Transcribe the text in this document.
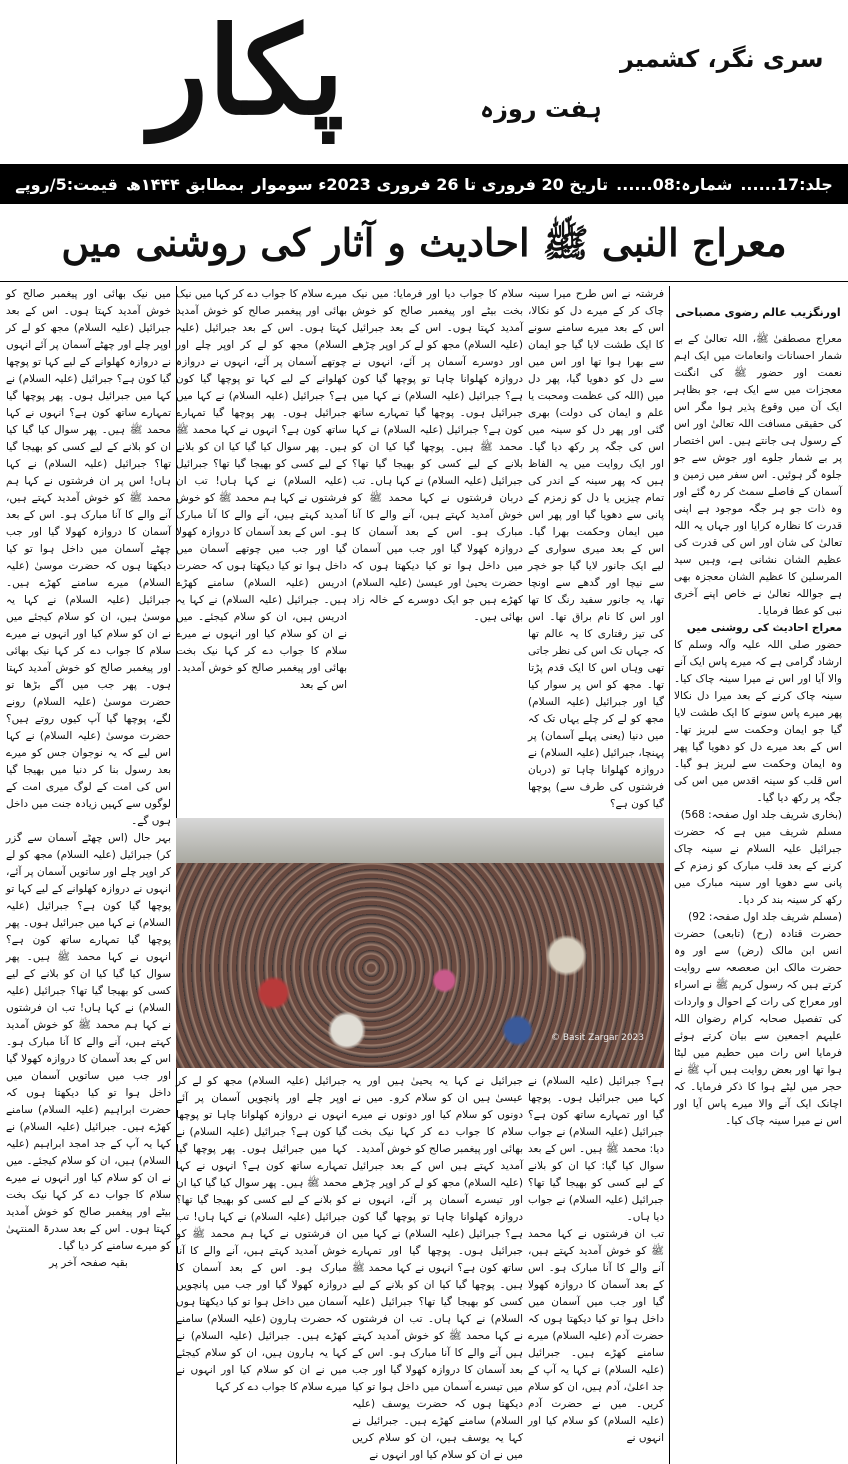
پکار	ہفت روزہ
سری نگر، کشمیر
جلد:17......
شمارہ:08......
تاریخ 20 فروری تا 26 فروری 2023ء سوموار
بمطابق ۱۴۴۴ھ
قیمت:5/روپے
معراج النبی ﷺ احادیث و آثار کی روشنی میں
اورنگزیب عالم رضوی مصباحی

معراج مصطفیٰ ﷺ، اللہ تعالیٰ کے بے شمار احسانات وانعامات میں ایک اہم نعمت اور حضور ﷺ کی انگنت معجزات میں سے ایک ہے، جو بظاہر ایک آن میں وقوع پذیر ہوا مگر اس کی حقیقی مسافت اللہ تعالیٰ اور اس کے رسول ہی جانتے ہیں۔ اس اختصار پر بے شمار جلوے اور جوش سے جو جلوہ گر ہوئیں۔ اس سفر میں زمین و آسمان کے فاصلے سمٹ کر رہ گئے اور وہ ذات جو ہر جگہ موجود ہے اپنی قدرت کا نظارہ کرایا اور جہاں یہ اللہ تعالیٰ کی شان اور اس کی قدرت کی عظیم الشان نشانی ہے، وہیں سید المرسلین کا عظیم الشان معجزہ بھی ہے جواللہ تعالیٰ نے خاص اپنے آخری نبی کو عطا فرمایا۔

معراج احادیث کی روشنی میں

حضور صلی اللہ علیہ وآلہ وسلم کا ارشاد گرامی ہے کہ میرے پاس ایک آنے والا آیا اور اس نے میرا سینہ چاک کیا۔ سینہ چاک کرنے کے بعد میرا دل نکالا پھر میرے پاس سونے کا ایک طشت لایا گیا جو ایمان وحکمت سے لبریز تھا۔ اس کے بعد میرے دل کو دھویا گیا پھر وہ ایمان وحکمت سے لبریز ہو گیا۔ اس قلب کو سینہ اقدس میں اس کی جگہ پر رکھ دیا گیا۔

(بخاری شریف جلد اول صفحہ: 568)

مسلم شریف میں ہے کہ حضرت جبرائیل علیہ السلام نے سینہ چاک کرنے کے بعد قلب مبارک کو زمزم کے پانی سے دھویا اور سینہ مبارک میں رکھ کر سینہ بند کر دیا۔

(مسلم شریف جلد اول صفحہ: 92)

حضرت قتادہ (رح) (تابعی) حضرت انس ابن مالک (رض) سے اور وہ حضرت مالک ابن صعصعہ سے روایت کرتے ہیں کہ رسول کریم ﷺ نے اسراء اور معراج کی رات کے احوال و واردات کی تفصیل صحابہ کرام رضوان اللہ علیہم اجمعین سے بیان کرتے ہوئے فرمایا اس رات میں حطیم میں لیٹا ہوا تھا اور بعض روایت ہیں آپ ﷺ نے حجر میں لیٹے ہوا کا ذکر فرمایا۔ کہ اچانک ایک آنے والا میرے پاس آیا اور اس نے میرا سینہ چاک کیا۔

فرشتہ نے اس طرح میرا سینہ چاک کر کے میرے دل کو نکالا، اس کے بعد میرے سامنے سونے کا ایک طشت لایا گیا جو ایمان سے بھرا ہوا تھا اور اس میں سے دل کو دھویا گیا، پھر دل میں (اللہ کی عظمت ومحبت یا علم و ایمان کی دولت) بھری گئی اور پھر دل کو سینہ میں اس کی جگہ پر رکھ دیا گیا۔ اور ایک روایت میں یہ الفاظ ہیں کہ پھر سینہ کے اندر کی تمام چیزیں یا دل کو زمزم کے پانی سے دھویا گیا اور پھر اس میں ایمان وحکمت بھرا گیا۔ اس کے بعد میری سواری کے لیے ایک جانور لایا گیا جو خچر سے نیچا اور گدھے سے اونچا تھا، یہ جانور سفید رنگ کا تھا اور اس کا نام براق تھا۔ اس کی تیز رفتاری کا یہ عالم تھا کہ جہاں تک اس کی نظر جاتی تھی وہاں اس کا ایک قدم پڑتا تھا۔ مجھ کو اس پر سوار کیا گیا اور جبرائیل (علیہ السلام) مجھ کو لے کر چلے یہاں تک کہ میں دنیا (یعنی پہلے آسمان) پر پہنچا، جبرائیل (علیہ السلام) نے دروازہ کھلوانا چاہا تو (دربان فرشتوں کی طرف سے) پوچھا گیا کون ہے؟

سلام کا جواب دیا اور فرمایا: میں نیک بخت بیٹے اور پیغمبر صالح کو خوش آمدید کہتا ہوں۔ اس کے بعد جبرائیل (علیہ السلام) مجھ کو لے کر اوپر چڑھے اور دوسرے آسمان پر آئے، انہوں نے دروازہ کھلوانا چاہا تو پوچھا گیا کون ہے؟ جبرائیل (علیہ السلام) نے کہا میں جبرائیل ہوں۔ پوچھا گیا تمہارے ساتھ کون ہے؟ جبرائیل (علیہ السلام) نے کہا محمد ﷺ ہیں۔ پوچھا گیا کیا ان کو بلانے کے لیے کسی کو بھیجا گیا تھا؟ جبرائیل (علیہ السلام) نے کہا ہاں۔ تب دربان فرشتوں نے کہا محمد ﷺ کو خوش آمدید کہتے ہیں، آنے والے کا آنا مبارک ہو۔ اس کے بعد آسمان کا دروازہ کھولا گیا اور جب میں آسمان میں داخل ہوا تو کیا دیکھتا ہوں کہ حضرت یحییٰ اور عیسیٰ (علیہ السلام) کھڑے ہیں جو ایک دوسرے کے خالہ زاد بھائی ہیں۔

میرے سلام کا جواب دے کر کہا میں نیک بھائی اور پیغمبر صالح کو خوش آمدید کہتا ہوں۔ اس کے بعد جبرائیل (علیہ السلام) مجھ کو لے کر اوپر چلے اور چوتھے آسمان پر آئے، انہوں نے دروازہ کھلوانے کے لیے کہا تو پوچھا گیا کون ہے؟ جبرائیل (علیہ السلام) نے کہا میں جبرائیل ہوں۔ پھر پوچھا گیا تمہارے ساتھ کون ہے؟ انہوں نے کہا محمد ﷺ ہیں۔ پھر سوال کیا گیا کیا ان کو بلانے کے لیے کسی کو بھیجا گیا تھا؟ جبرائیل (علیہ السلام) نے کہا ہاں! تب ان فرشتوں نے کہا ہم محمد ﷺ کو خوش آمدید کہتے ہیں، آنے والے کا آنا مبارک ہو۔ اس کے بعد آسمان کا دروازہ کھولا گیا اور جب میں چوتھے آسمان میں داخل ہوا تو کیا دیکھتا ہوں کہ حضرت ادریس (علیہ السلام) سامنے کھڑے ہیں۔ جبرائیل (علیہ السلام) نے کہا یہ ادریس ہیں، ان کو سلام کیجئے۔ میں نے ان کو سلام کیا اور انہوں نے میرے سلام کا جواب دے کر کہا نیک بخت بھائی اور پیغمبر صالح کو خوش آمدید۔ اس کے بعد

© Basit Zargar 2023

ہے؟ جبرائیل (علیہ السلام) نے کہا میں جبرائیل ہوں۔ پوچھا گیا اور تمہارے ساتھ کون ہے؟ جبرائیل (علیہ السلام) نے جواب دیا: محمد ﷺ ہیں۔ اس کے بعد سوال کیا گیا: کیا ان کو بلانے کے لیے کسی کو بھیجا گیا تھا؟ جبرائیل (علیہ السلام) نے جواب دیا ہاں۔

تب ان فرشتوں نے کہا محمد ﷺ کو خوش آمدید کہتے ہیں، آنے والے کا آنا مبارک ہو۔ اس کے بعد آسمان کا دروازہ کھولا گیا اور جب میں آسمان میں داخل ہوا تو کیا دیکھتا ہوں کہ حضرت آدم (علیہ السلام) میرے سامنے کھڑے ہیں۔ جبرائیل (علیہ السلام) نے کہا یہ آپ کے جد اعلیٰ، آدم ہیں، ان کو سلام کریں۔ میں نے حضرت آدم (علیہ السلام) کو سلام کیا اور انہوں نے

جبرائیل نے کہا یہ یحییٰ ہیں اور یہ عیسیٰ ہیں ان کو سلام کرو۔ میں نے دونوں کو سلام کیا اور دونوں نے میرے سلام کا جواب دے کر کہا نیک بخت بھائی اور پیغمبر صالح کو خوش آمدید۔

آمدید کہتے ہیں اس کے بعد جبرائیل (علیہ السلام) مجھ کو لے کر اوپر چڑھے اور تیسرے آسمان پر آئے، انہوں نے دروازہ کھلوانا چاہا تو پوچھا گیا کون ہے؟ جبرائیل (علیہ السلام) نے کہا میں جبرائیل ہوں۔ پوچھا گیا اور تمہارے ساتھ کون ہے؟ انہوں نے کہا محمد ﷺ ہیں۔ پوچھا گیا کیا ان کو بلانے کے لیے کسی کو بھیجا گیا تھا؟ جبرائیل (علیہ السلام) نے کہا ہاں۔ تب ان فرشتوں نے کہا محمد ﷺ کو خوش آمدید کہتے ہیں آنے والے کا آنا مبارک ہو۔ اس کے بعد آسمان کا دروازہ کھولا گیا اور جب میں تیسرے آسمان میں داخل ہوا تو کیا دیکھتا ہوں کہ حضرت یوسف (علیہ السلام) سامنے کھڑے ہیں۔ جبرائیل نے کہا یہ یوسف ہیں، ان کو سلام کریں میں نے ان کو سلام کیا اور انہوں نے

جبرائیل (علیہ السلام) مجھ کو لے کر اوپر چلے اور پانچویں آسمان پر آئے انہوں نے دروازہ کھلوانا چاہا تو پوچھا گیا کون ہے؟ جبرائیل (علیہ السلام) نے کہا میں جبرائیل ہوں۔ پھر پوچھا گیا تمہارے ساتھ کون ہے؟ انہوں نے کہا محمد ﷺ ہیں۔ پھر سوال کیا گیا کیا ان کو بلانے کے لیے کسی کو بھیجا گیا تھا؟ جبرائیل (علیہ السلام) نے کہا ہاں! تب ان فرشتوں نے کہا ہم محمد ﷺ کو خوش آمدید کہتے ہیں، آنے والے کا آنا مبارک ہو۔ اس کے بعد آسمان کا دروازہ کھولا گیا اور جب میں پانچویں آسمان میں داخل ہوا تو کیا دیکھتا ہوں کہ حضرت ہارون (علیہ السلام) سامنے کھڑے ہیں۔ جبرائیل (علیہ السلام) نے کہا یہ ہارون ہیں، ان کو سلام کیجئے میں نے ان کو سلام کیا اور انہوں نے میرے سلام کا جواب دے کر کہا

میں نیک بھائی اور پیغمبر صالح کو خوش آمدید کہتا ہوں۔ اس کے بعد جبرائیل (علیہ السلام) مجھ کو لے کر اوپر چلے اور چھٹے آسمان پر آئے انہوں نے دروازہ کھلوانے کے لیے کہا تو پوچھا گیا کون ہے؟ جبرائیل (علیہ السلام) نے کہا میں جبرائیل ہوں۔ پھر پوچھا گیا تمہارے ساتھ کون ہے؟ انہوں نے کہا محمد ﷺ ہیں۔ پھر سوال کیا گیا کیا ان کو بلانے کے لیے کسی کو بھیجا گیا تھا؟ جبرائیل (علیہ السلام) نے کہا ہاں! اس پر ان فرشتوں نے کہا ہم محمد ﷺ کو خوش آمدید کہتے ہیں، آنے والے کا آنا مبارک ہو۔ اس کے بعد آسمان کا دروازہ کھولا گیا اور جب چھٹے آسمان میں داخل ہوا تو کیا دیکھتا ہوں کہ حضرت موسیٰ (علیہ السلام) میرے سامنے کھڑے ہیں۔ جبرائیل (علیہ السلام) نے کہا یہ موسیٰ ہیں، ان کو سلام کیجئے میں نے ان کو سلام کیا اور انہوں نے میرے سلام کا جواب دے کر کہا نیک بھائی اور پیغمبر صالح کو خوش آمدید کہتا ہوں۔ پھر جب میں آگے بڑھا تو حضرت موسیٰ (علیہ السلام) رونے لگے، پوچھا گیا آپ کیوں روتے ہیں؟ حضرت موسیٰ (علیہ السلام) نے کہا اس لیے کہ یہ نوجوان جس کو میرے بعد رسول بنا کر دنیا میں بھیجا گیا اس کی امت کے لوگ میری امت کے لوگوں سے کہیں زیادہ جنت میں داخل ہوں گے۔

بہر حال (اس چھٹے آسمان سے گزر کر) جبرائیل (علیہ السلام) مجھ کو لے کر اوپر چلے اور ساتویں آسمان پر آئے، انہوں نے دروازہ کھلوانے کے لیے کہا تو پوچھا گیا کون ہے؟ جبرائیل (علیہ السلام) نے کہا میں جبرائیل ہوں۔ پھر پوچھا گیا تمہارے ساتھ کون ہے؟ انہوں نے کہا محمد ﷺ ہیں۔ پھر سوال کیا گیا کیا ان کو بلانے کے لیے کسی کو بھیجا گیا تھا؟ جبرائیل (علیہ السلام) نے کہا ہاں! تب ان فرشتوں نے کہا ہم محمد ﷺ کو خوش آمدید کہتے ہیں، آنے والے کا آنا مبارک ہو۔ اس کے بعد آسمان کا دروازہ کھولا گیا اور جب میں ساتویں آسمان میں داخل ہوا تو کیا دیکھتا ہوں کہ حضرت ابراہیم (علیہ السلام) سامنے کھڑے ہیں۔ جبرائیل (علیہ السلام) نے کہا یہ آپ کے جد امجد ابراہیم (علیہ السلام) ہیں، ان کو سلام کیجئے۔ میں نے ان کو سلام کیا اور انہوں نے میرے سلام کا جواب دے کر کہا نیک بخت بیٹے اور پیغمبر صالح کو خوش آمدید کہتا ہوں۔ اس کے بعد سدرۃ المنتہیٰ کو میرے سامنے کر دیا گیا۔

بقیہ صفحہ آخر پر
